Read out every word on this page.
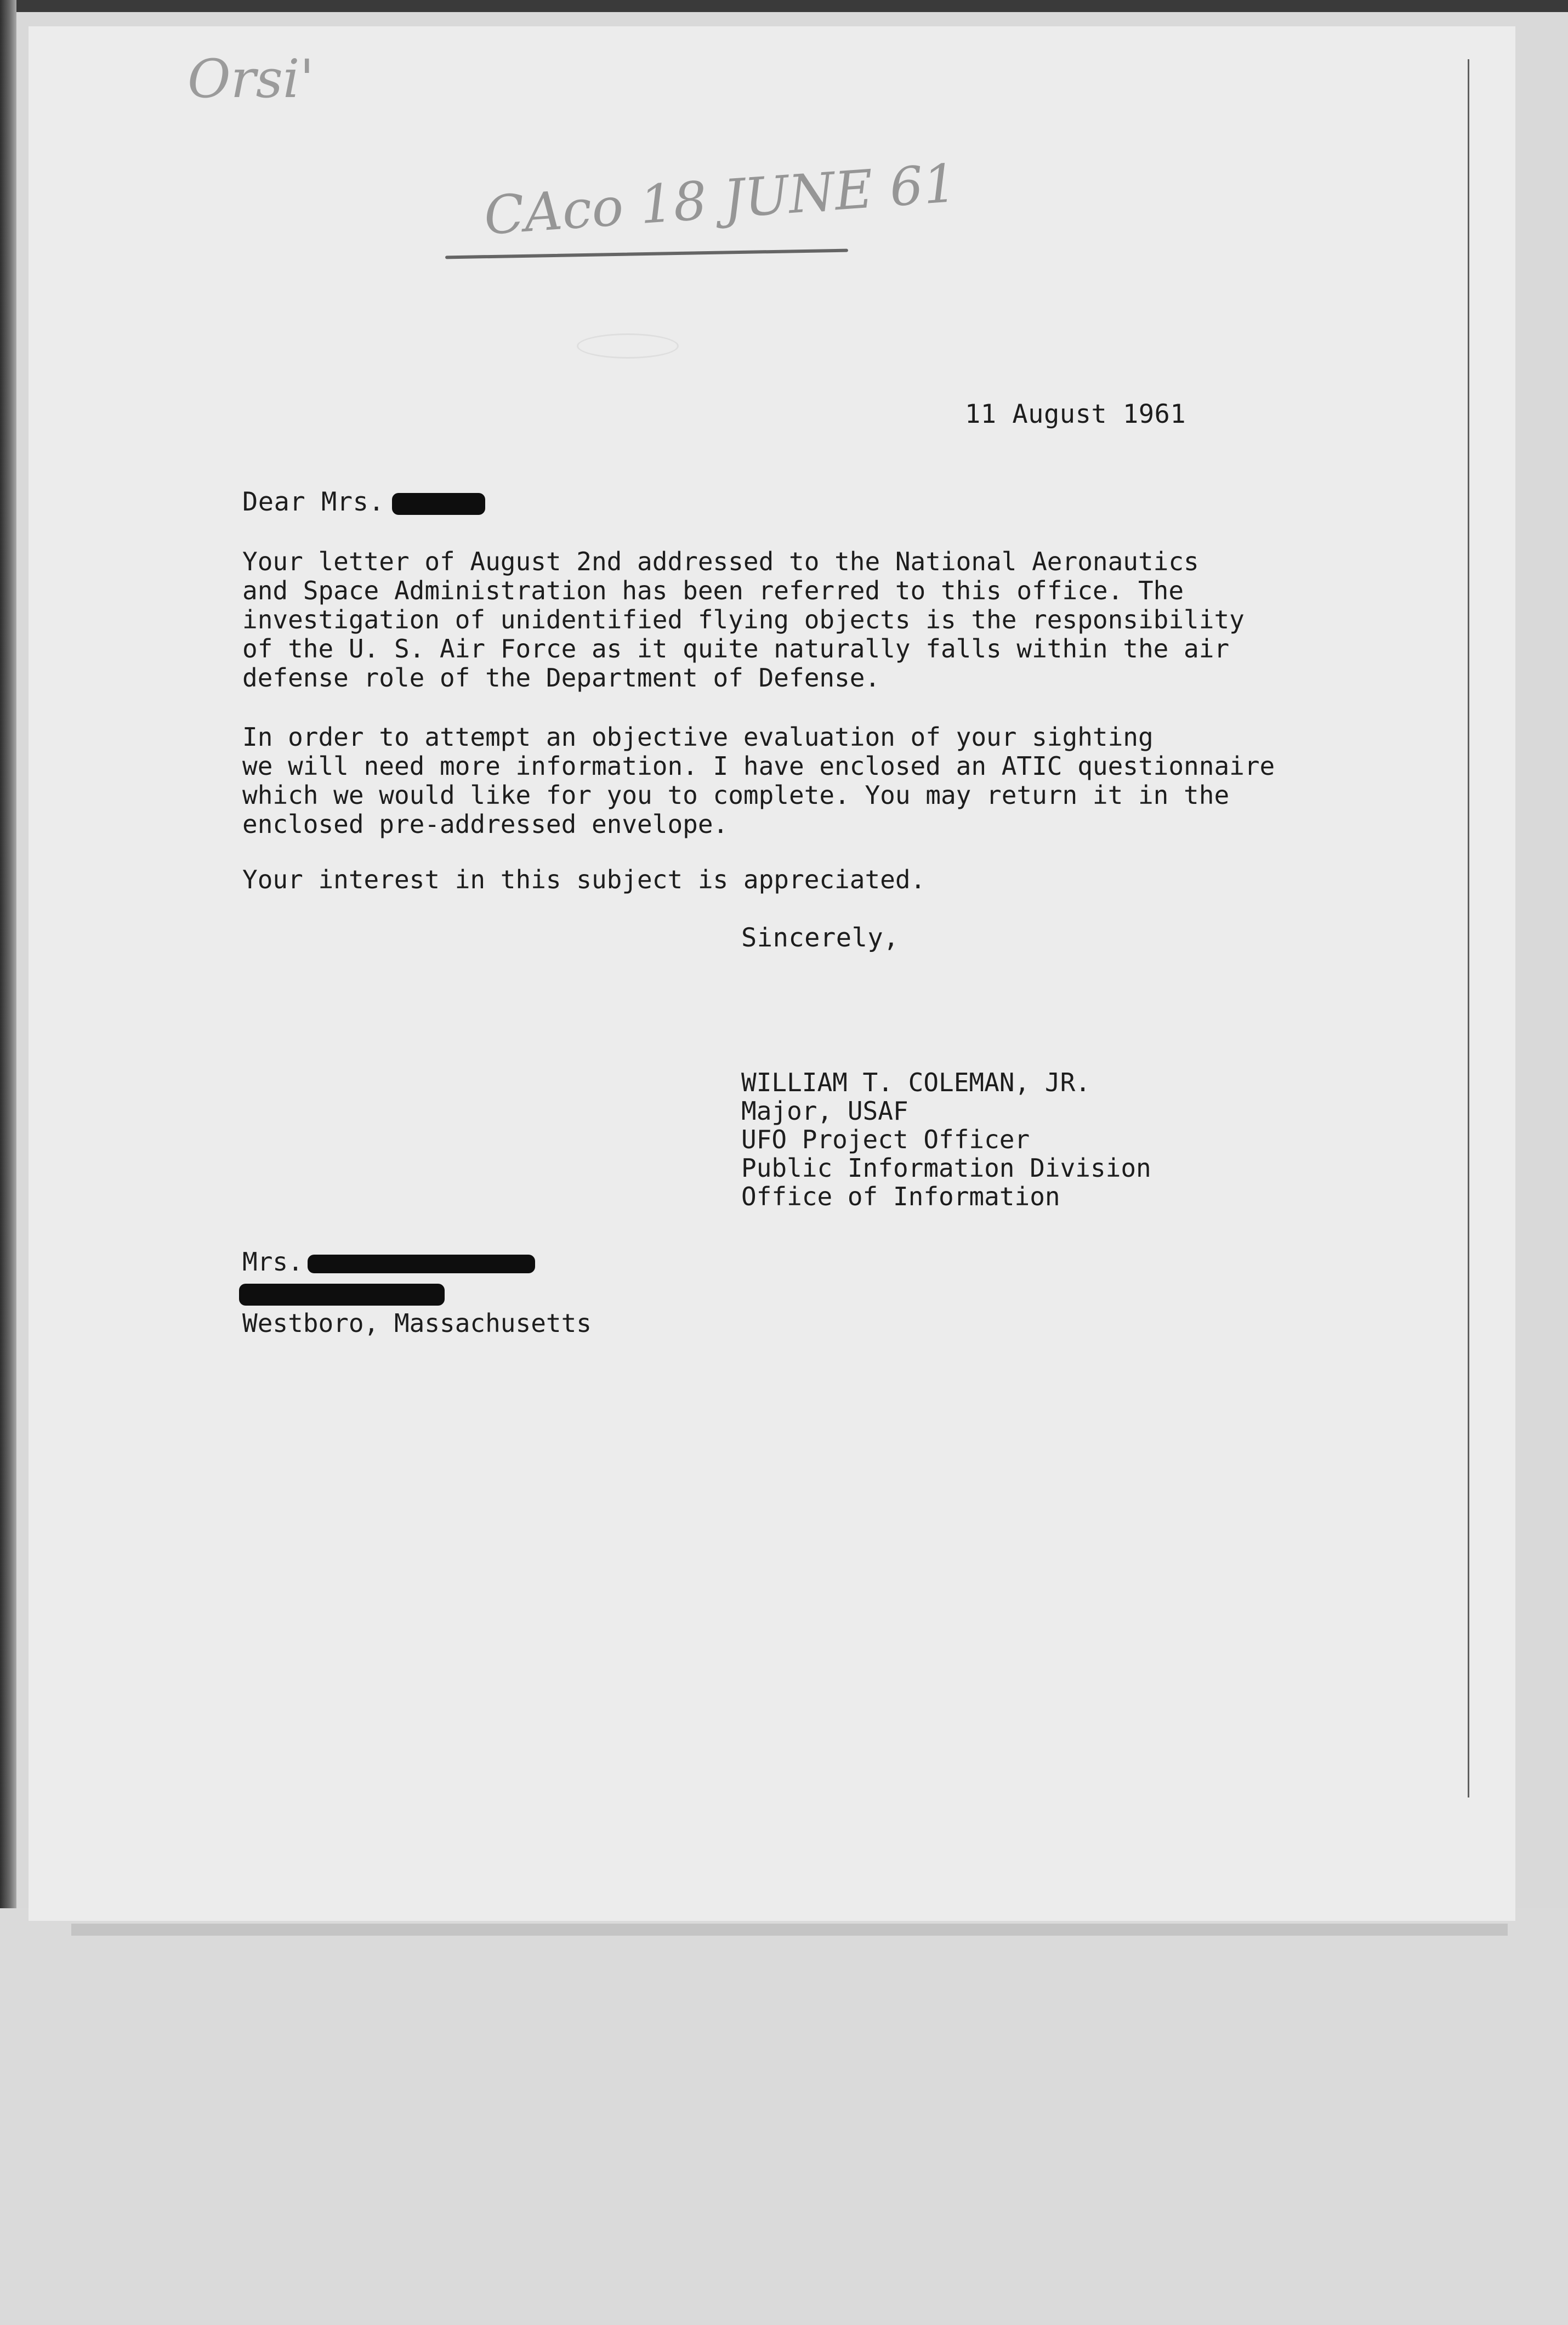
Orsi'
CAco 18 JUNE 61
11 August 1961
Dear Mrs.

Your letter of August 2nd addressed to the National Aeronautics
and Space Administration has been referred to this office. The
investigation of unidentified flying objects is the responsibility
of the U. S. Air Force as it quite naturally falls within the air
defense role of the Department of Defense.

In order to attempt an objective evaluation of your sighting
we will need more information. I have enclosed an ATIC questionnaire
which we would like for you to complete. You may return it in the
enclosed pre-addressed envelope.

Your interest in this subject is appreciated.

Sincerely,
WILLIAM T. COLEMAN, JR.
Major, USAF
UFO Project Officer
Public Information Division
Office of Information
Mrs.
Westboro, Massachusetts
